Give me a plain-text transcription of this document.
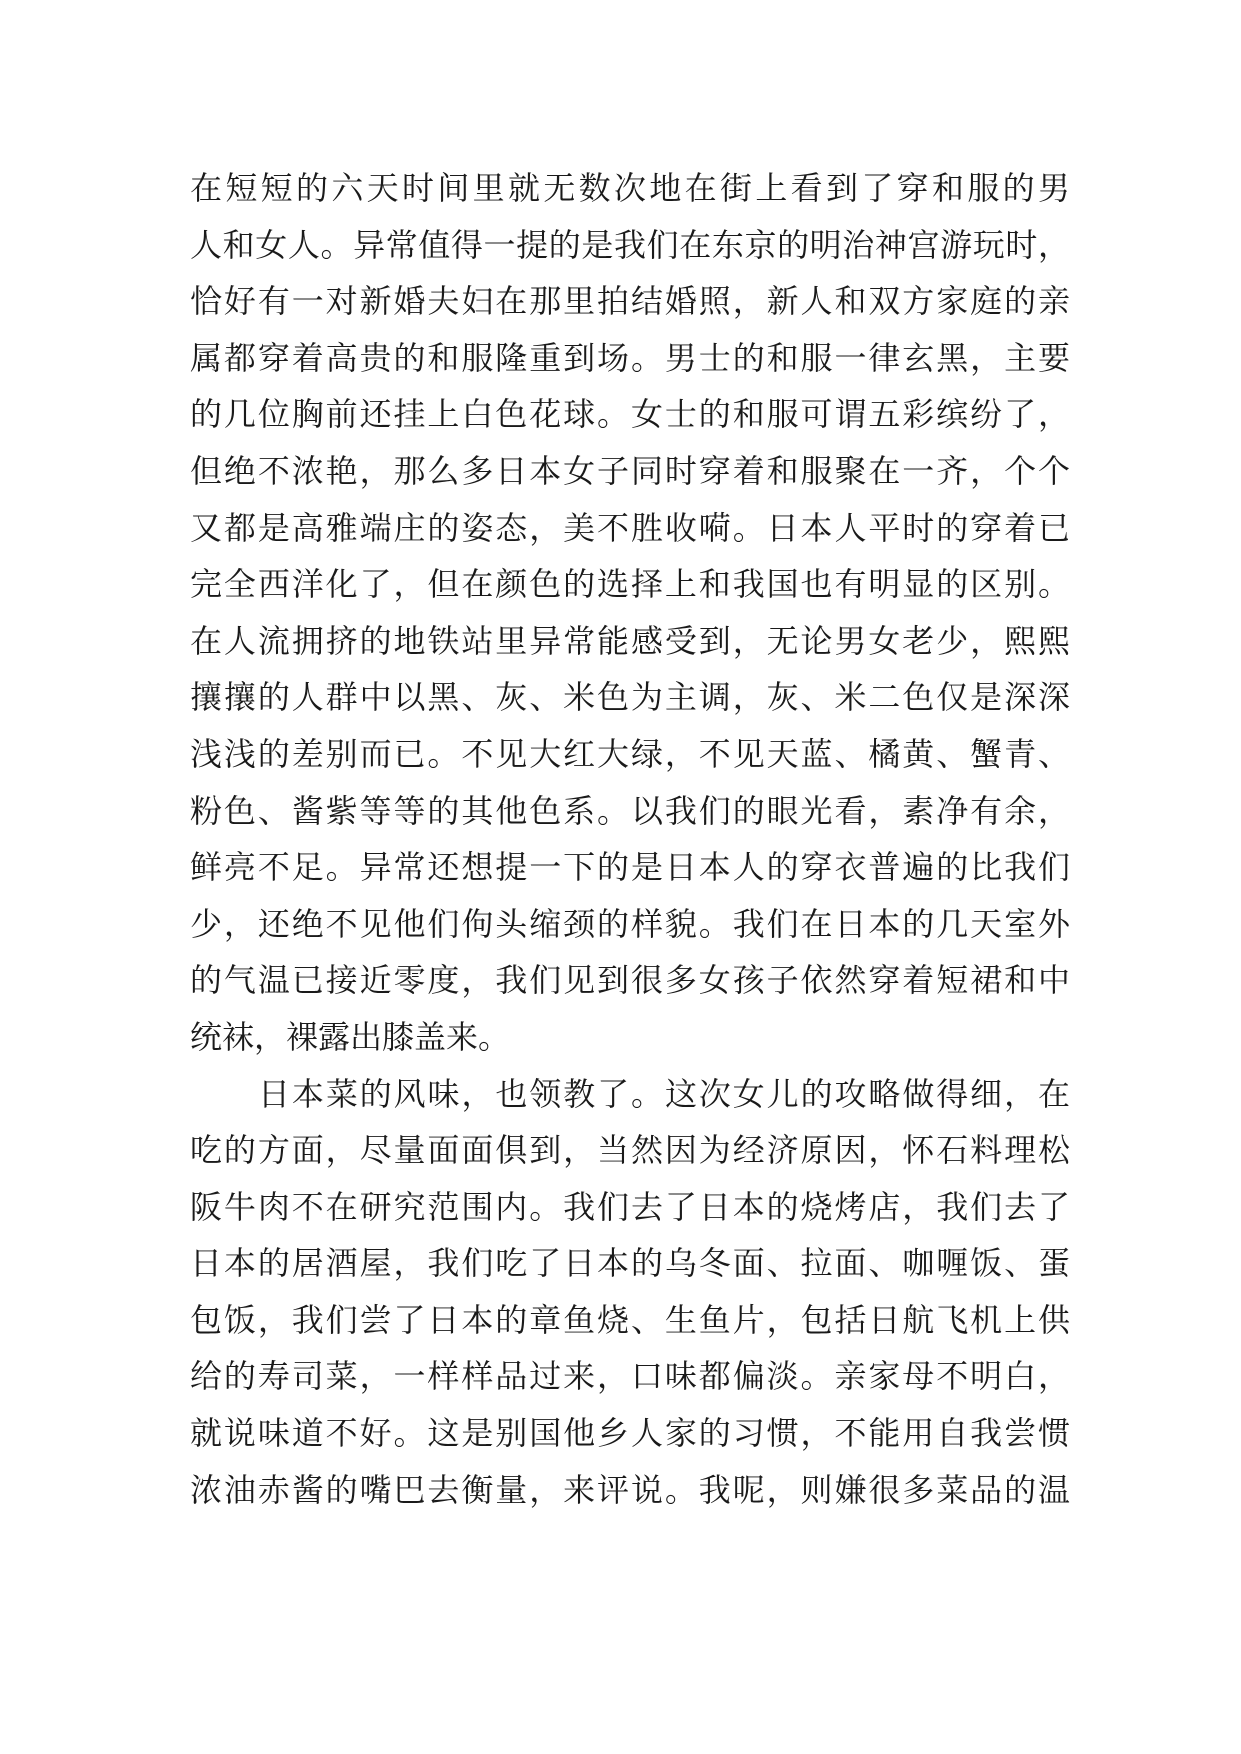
在短短的六天时间里就无数次地在街上看到了穿和服的男
人和女人。异常值得一提的是我们在东京的明治神宫游玩时，
恰好有一对新婚夫妇在那里拍结婚照，新人和双方家庭的亲
属都穿着高贵的和服隆重到场。男士的和服一律玄黑，主要
的几位胸前还挂上白色花球。女士的和服可谓五彩缤纷了，
但绝不浓艳，那么多日本女子同时穿着和服聚在一齐，个个
又都是高雅端庄的姿态，美不胜收嗬。日本人平时的穿着已
完全西洋化了，但在颜色的选择上和我国也有明显的区别。
在人流拥挤的地铁站里异常能感受到，无论男女老少，熙熙
攘攘的人群中以黑、灰、米色为主调，灰、米二色仅是深深
浅浅的差别而已。不见大红大绿，不见天蓝、橘黄、蟹青、
粉色、酱紫等等的其他色系。以我们的眼光看，素净有余，
鲜亮不足。异常还想提一下的是日本人的穿衣普遍的比我们
少，还绝不见他们佝头缩颈的样貌。我们在日本的几天室外
的气温已接近零度，我们见到很多女孩子依然穿着短裙和中
统袜，裸露出膝盖来。
日本菜的风味，也领教了。这次女儿的攻略做得细，在
吃的方面，尽量面面俱到，当然因为经济原因，怀石料理松
阪牛肉不在研究范围内。我们去了日本的烧烤店，我们去了
日本的居酒屋，我们吃了日本的乌冬面、拉面、咖喱饭、蛋
包饭，我们尝了日本的章鱼烧、生鱼片，包括日航飞机上供
给的寿司菜，一样样品过来，口味都偏淡。亲家母不明白，
就说味道不好。这是别国他乡人家的习惯，不能用自我尝惯
浓油赤酱的嘴巴去衡量，来评说。我呢，则嫌很多菜品的温
